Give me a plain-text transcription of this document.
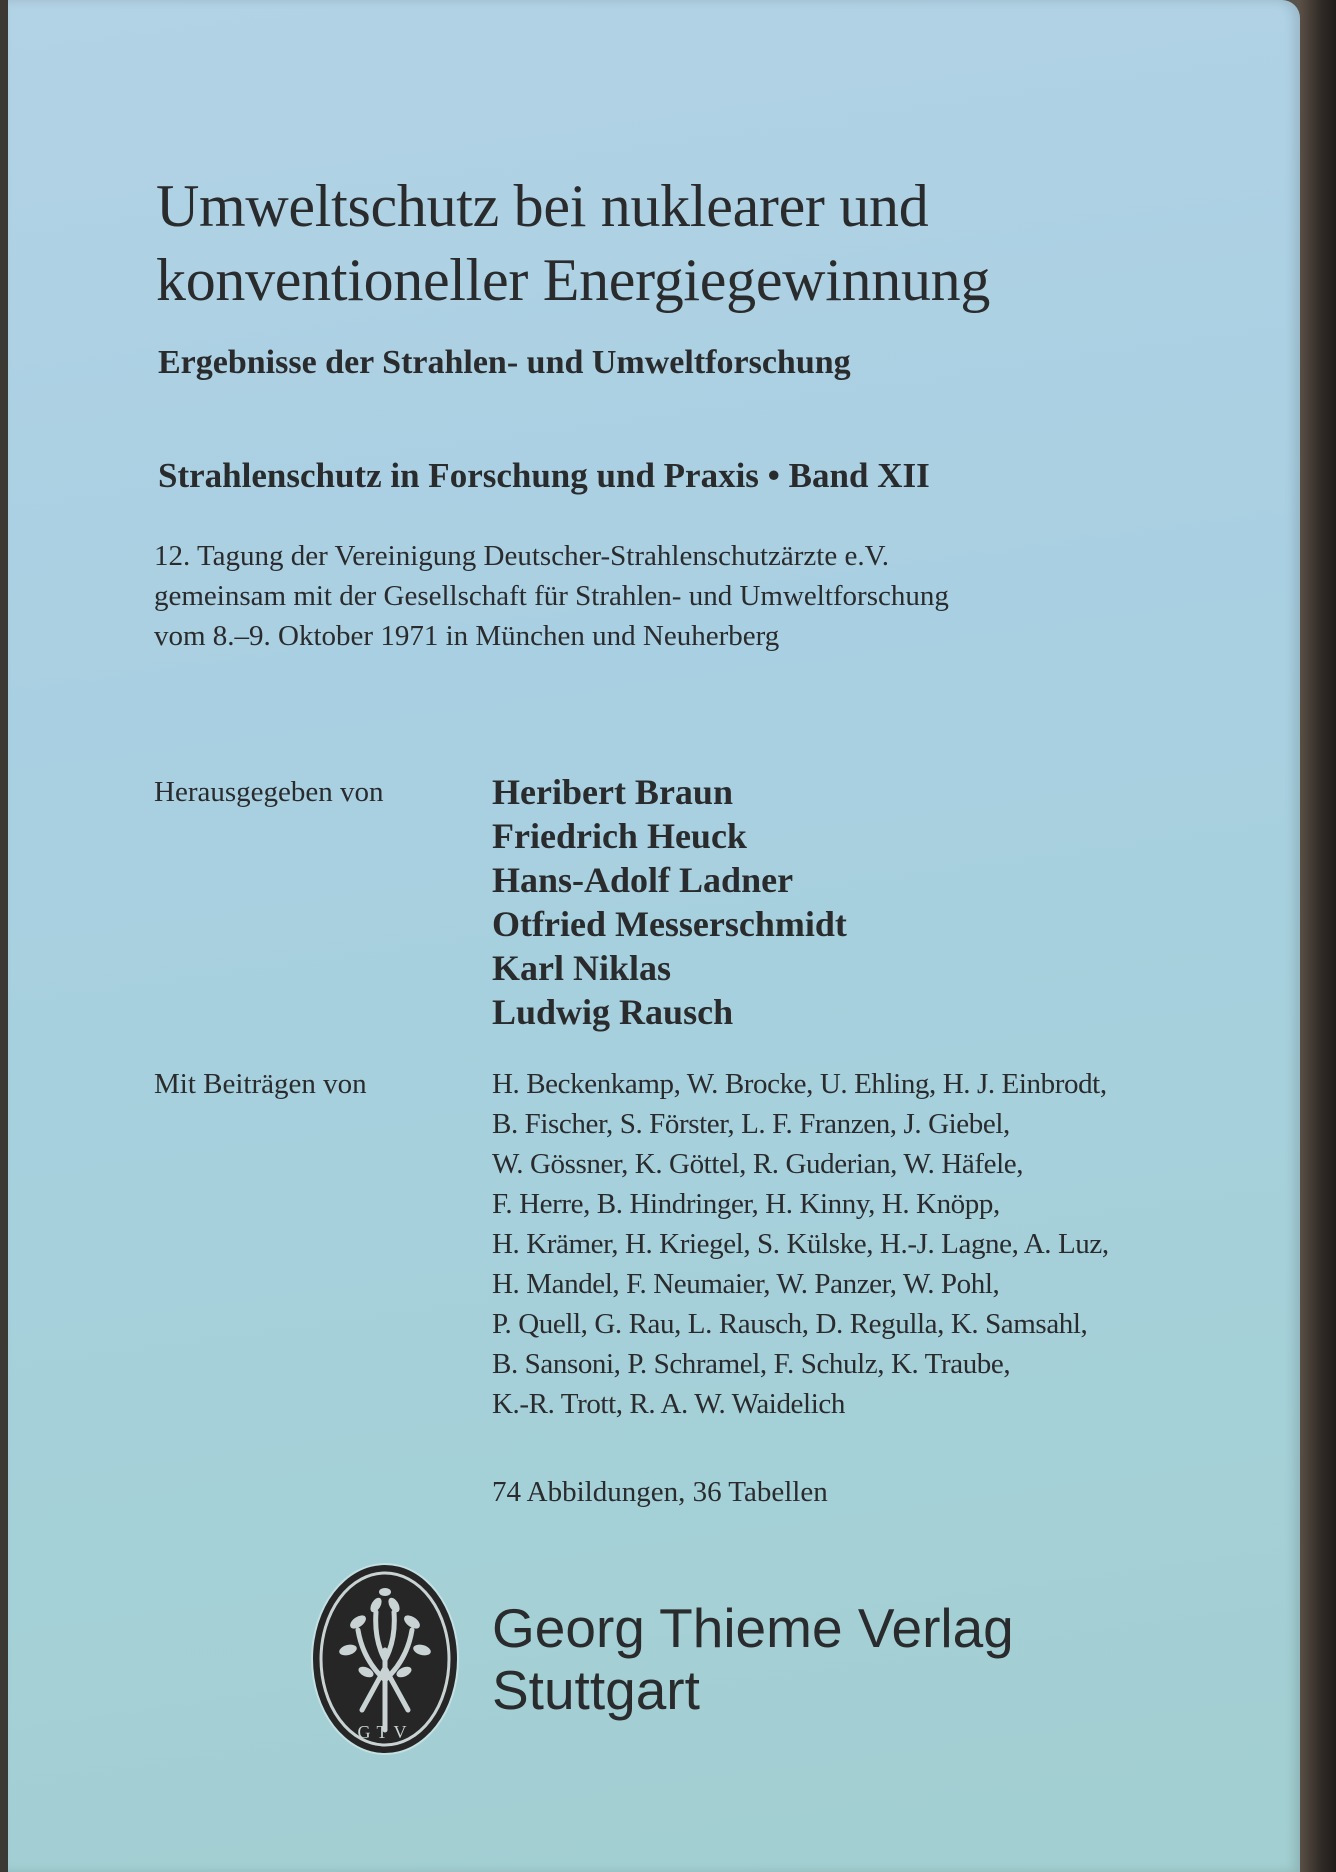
Umweltschutz bei nuklearer und
konventioneller Energiegewinnung
Ergebnisse der Strahlen- und Umweltforschung
Strahlenschutz in Forschung und Praxis • Band XII
12. Tagung der Vereinigung Deutscher-Strahlenschutzärzte e.V.
gemeinsam mit der Gesellschaft für Strahlen- und Umweltforschung
vom 8.–9. Oktober 1971 in München und Neuherberg
Herausgegeben von	Heribert Braun
Friedrich Heuck
Hans-Adolf Ladner
Otfried Messerschmidt
Karl Niklas
Ludwig Rausch
Mit Beiträgen von	H. Beckenkamp, W. Brocke, U. Ehling, H. J. Einbrodt,
B. Fischer, S. Förster, L. F. Franzen, J. Giebel,
W. Gössner, K. Göttel, R. Guderian, W. Häfele,
F. Herre, B. Hindringer, H. Kinny, H. Knöpp,
H. Krämer, H. Kriegel, S. Külske, H.-J. Lagne, A. Luz,
H. Mandel, F. Neumaier, W. Panzer, W. Pohl,
P. Quell, G. Rau, L. Rausch, D. Regulla, K. Samsahl,
B. Sansoni, P. Schramel, F. Schulz, K. Traube,
K.-R. Trott, R. A. W. Waidelich
74 Abbildungen, 36 Tabellen
GTV
Georg Thieme Verlag
Stuttgart
